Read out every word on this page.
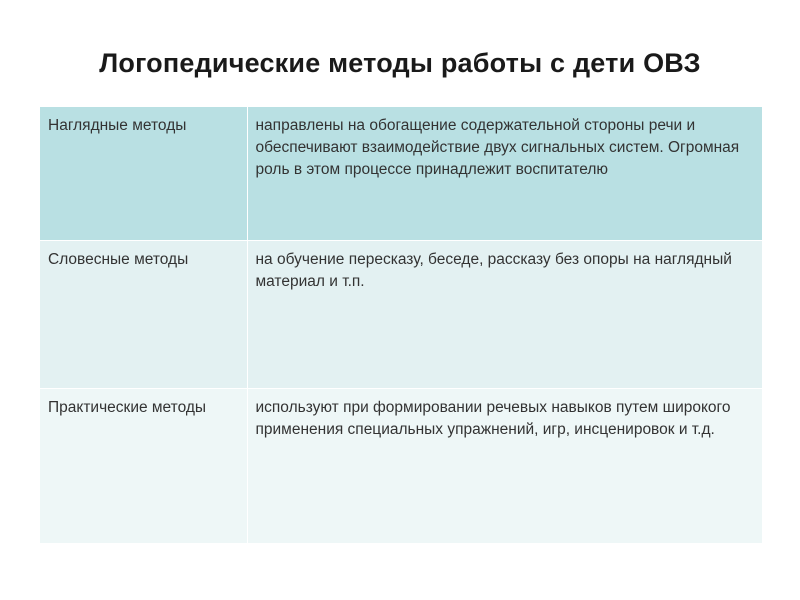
Логопедические методы работы с дети ОВЗ
Наглядные методы	направлены на обогащение содержательной стороны речи и обеспечивают взаимодействие двух сигнальных систем. Огромная роль в этом процессе принадлежит воспитателю
Словесные методы	на обучение пересказу, беседе, рассказу без опоры на наглядный материал и т.п.
Практические методы	используют при формировании речевых навыков путем широкого применения специальных упражнений, игр, инсценировок и т.д.
